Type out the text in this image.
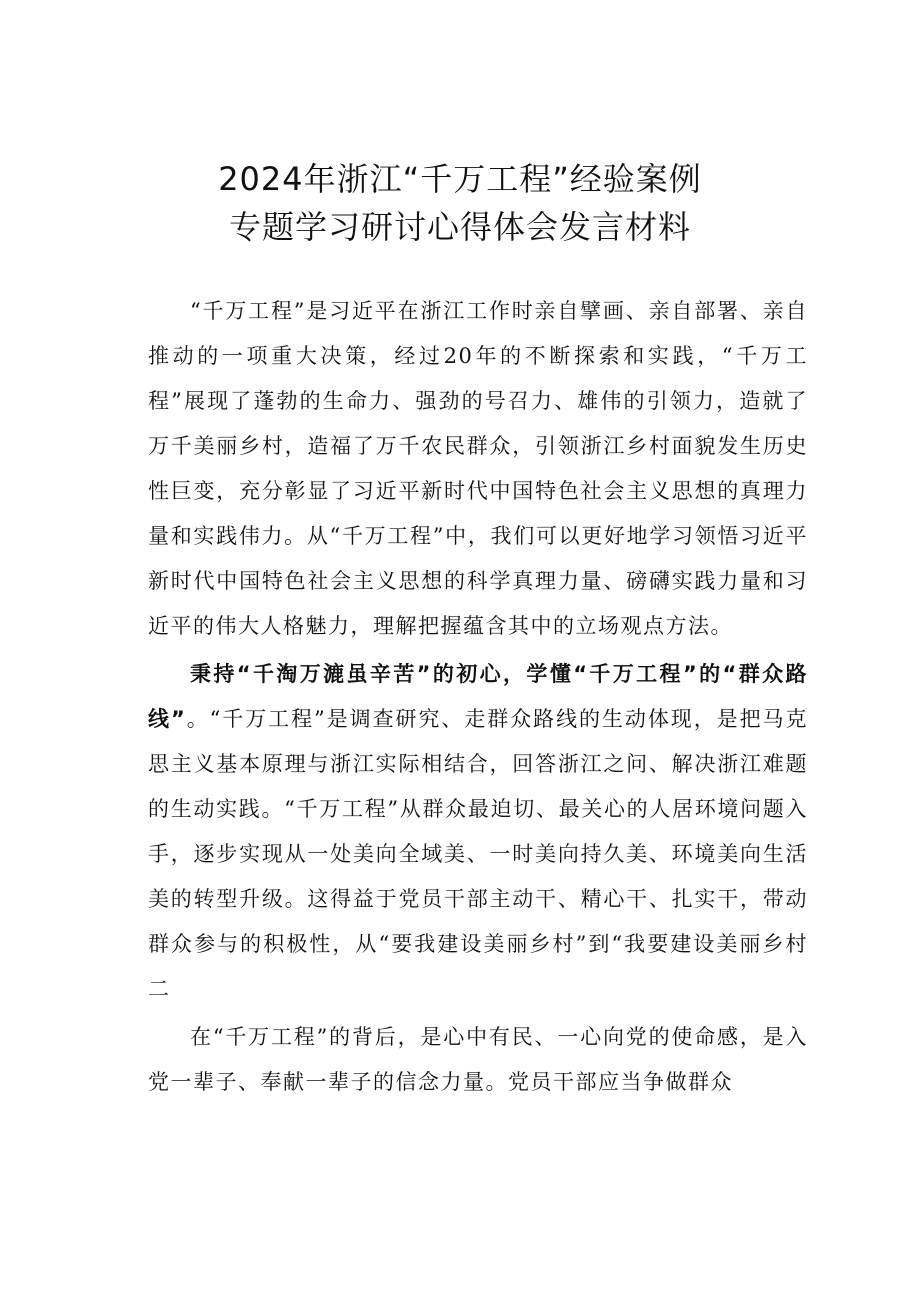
2024年浙江“千万工程”经验案例
专题学习研讨心得体会发言材料

“千万工程”是习近平在浙江工作时亲自擘画、亲自部署、亲自推动的一项重大决策，经过20年的不断探索和实践，“千万工程”展现了蓬勃的生命力、强劲的号召力、雄伟的引领力，造就了万千美丽乡村，造福了万千农民群众，引领浙江乡村面貌发生历史性巨变，充分彰显了习近平新时代中国特色社会主义思想的真理力量和实践伟力。从“千万工程”中，我们可以更好地学习领悟习近平新时代中国特色社会主义思想的科学真理力量、磅礴实践力量和习近平的伟大人格魅力，理解把握蕴含其中的立场观点方法。

秉持“千淘万漉虽辛苦”的初心，学懂“千万工程”的“群众路线”。“千万工程”是调查研究、走群众路线的生动体现，是把马克思主义基本原理与浙江实际相结合，回答浙江之问、解决浙江难题的生动实践。“千万工程”从群众最迫切、最关心的人居环境问题入手，逐步实现从一处美向全域美、一时美向持久美、环境美向生活美的转型升级。这得益于党员干部主动干、精心干、扎实干，带动群众参与的积极性，从“要我建设美丽乡村”到“我要建设美丽乡村二

在“千万工程”的背后，是心中有民、一心向党的使命感，是入党一辈子、奉献一辈子的信念力量。党员干部应当争做群众
